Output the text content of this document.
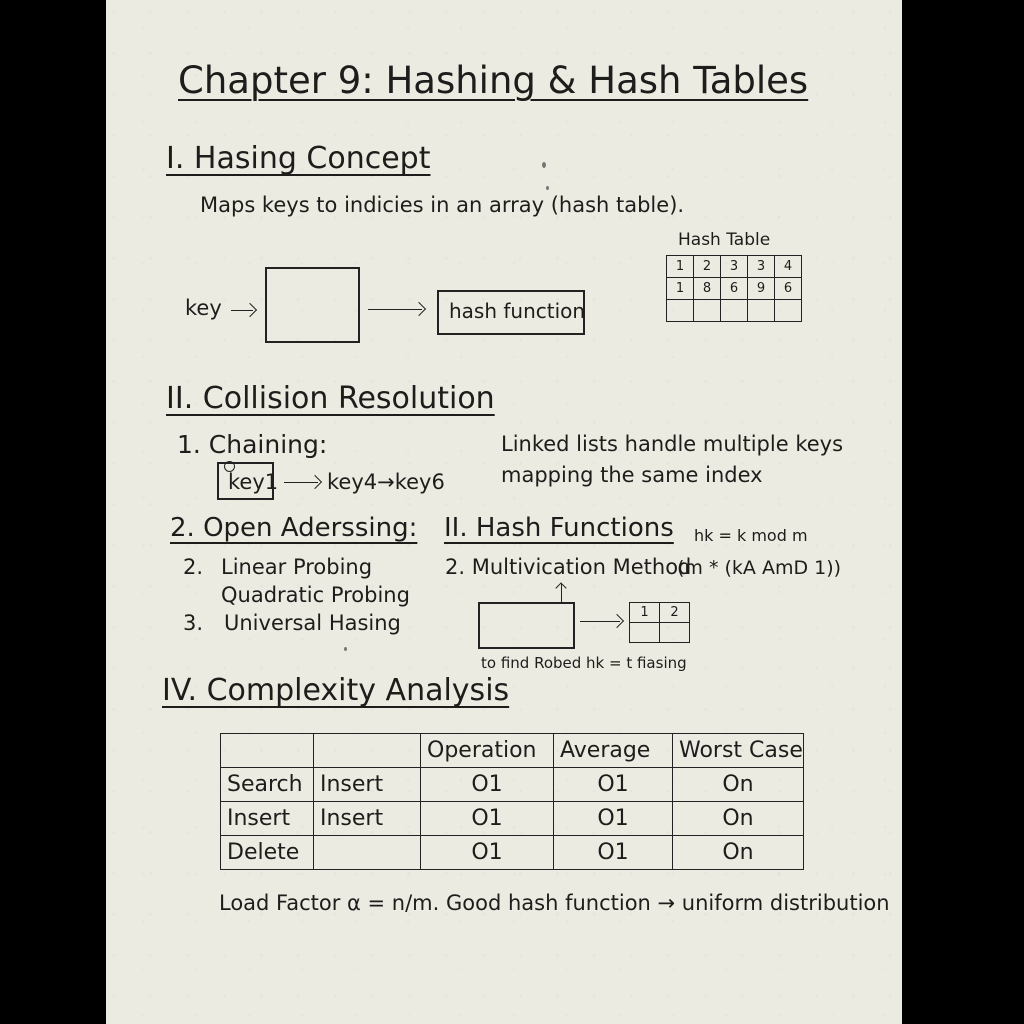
Chapter 9: Hashing & Hash Tables
I. Hasing Concept
Maps keys to indicies in an array (hash table).
Hash Table
1	2	3	3	4
1	8	6	9	6

key	hash function
II. Collision Resolution
1. Chaining:
key1 key4→key6
Linked lists handle multiple keys
mapping the same index
2. Open Aderssing:
2. Linear Probing
Quadratic Probing
3. Universal Hasing
II. Hash Functions hk = k mod m
2. Multivication Method
(m * (kA AmD 1))
1	2

to find Robed hk = t fiasing
IV. Complexity Analysis
		Operation	Average	Worst Case
Search	Insert	O1	O1	On
Insert	Insert	O1	O1	On
Delete		O1	O1	On
Load Factor α = n/m. Good hash function → uniform distribution
